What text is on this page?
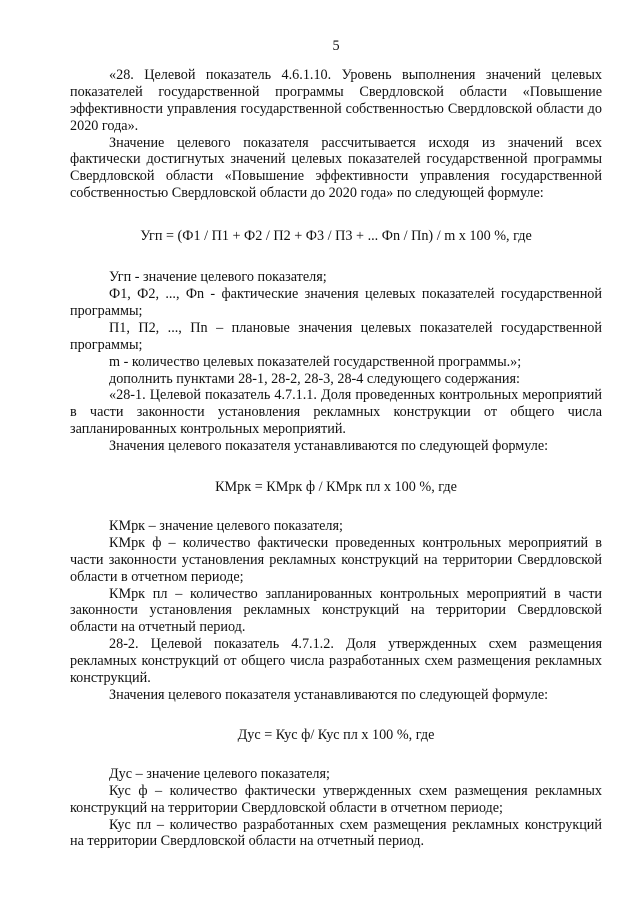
5

«28. Целевой показатель 4.6.1.10. Уровень выполнения значений целевых показателей государственной программы Свердловской области «Повышение эффективности управления государственной собственностью Свердловской области до 2020 года».

Значение целевого показателя рассчитывается исходя из значений всех фактически достигнутых значений целевых показателей государственной программы Свердловской области «Повышение эффективности управления государственной собственностью Свердловской области до 2020 года» по следующей формуле:

Угп = (Ф1 / П1 + Ф2 / П2 + Ф3 / П3 + ... Фn / Пn) / m x 100 %, где

Угп - значение целевого показателя;

Ф1, Ф2, ..., Фn - фактические значения целевых показателей государственной программы;

П1, П2, ..., Пn – плановые значения целевых показателей государственной программы;

m - количество целевых показателей государственной программы.»;

дополнить пунктами 28-1, 28-2, 28-3, 28-4 следующего содержания:

«28-1. Целевой показатель 4.7.1.1. Доля проведенных контрольных мероприятий в части законности установления рекламных конструкции от общего числа запланированных контрольных мероприятий.

Значения целевого показателя устанавливаются по следующей формуле:

КМрк = КМрк ф / КМрк пл x 100 %, где

КМрк – значение целевого показателя;

КМрк ф – количество фактически проведенных контрольных мероприятий в части законности установления рекламных конструкций на территории Свердловской области в отчетном периоде;

КМрк пл – количество запланированных контрольных мероприятий в части законности установления рекламных конструкций на территории Свердловской области на отчетный период.

28-2. Целевой показатель 4.7.1.2. Доля утвержденных схем размещения рекламных конструкций от общего числа разработанных схем размещения рекламных конструкций.

Значения целевого показателя устанавливаются по следующей формуле:

Дус = Кус ф/ Кус пл x 100 %, где

Дус – значение целевого показателя;

Кус ф – количество фактически утвержденных схем размещения рекламных конструкций на территории Свердловской области в отчетном периоде;

Кус пл – количество разработанных схем размещения рекламных конструкций на территории Свердловской области на отчетный период.
